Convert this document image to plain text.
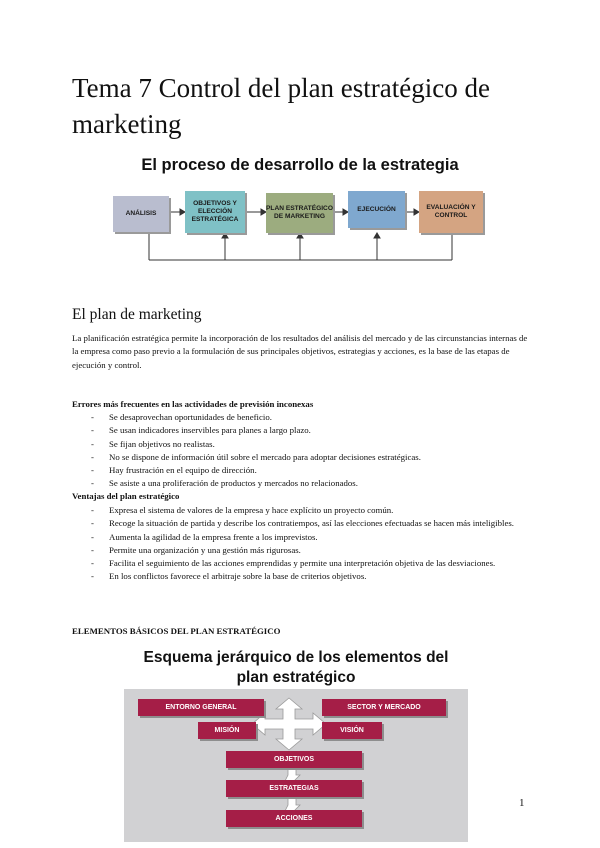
Tema 7 Control del plan estratégico de marketing
El proceso de desarrollo de la estrategia
ANÁLISIS
OBJETIVOS Y ELECCIÓN ESTRATÉGICA
PLAN ESTRATÉGICO DE MARKETING
EJECUCIÓN	EVALUACIÓN Y CONTROL
El plan de marketing

La planificación estratégica permite la incorporación de los resultados del análisis del mercado y de las circunstancias internas de la empresa como paso previo a la formulación de sus principales objetivos, estrategias y acciones, es la base de las etapas de ejecución y control.

Errores más frecuentes en las actividades de previsión inconexas

- Se desaprovechan oportunidades de beneficio.
- Se usan indicadores inservibles para planes a largo plazo.
- Se fijan objetivos no realistas.
- No se dispone de información útil sobre el mercado para adoptar decisiones estratégicas.
- Hay frustración en el equipo de dirección.
- Se asiste a una proliferación de productos y mercados no relacionados.

Ventajas del plan estratégico

- Expresa el sistema de valores de la empresa y hace explícito un proyecto común.
- Recoge la situación de partida y describe los contratiempos, así las elecciones efectuadas se hacen más inteligibles.
- Aumenta la agilidad de la empresa frente a los imprevistos.
- Permite una organización y una gestión más rigurosas.
- Facilita el seguimiento de las acciones emprendidas y permite una interpretación objetiva de las desviaciones.
- En los conflictos favorece el arbitraje sobre la base de criterios objetivos.

ELEMENTOS BÁSICOS DEL PLAN ESTRATÉGICO

Esquema jerárquico de los elementos del
plan estratégico
ENTORNO GENERAL	SECTOR Y MERCADO
MISIÓN	VISIÓN
OBJETIVOS
ESTRATEGIAS
ACCIONES
1
